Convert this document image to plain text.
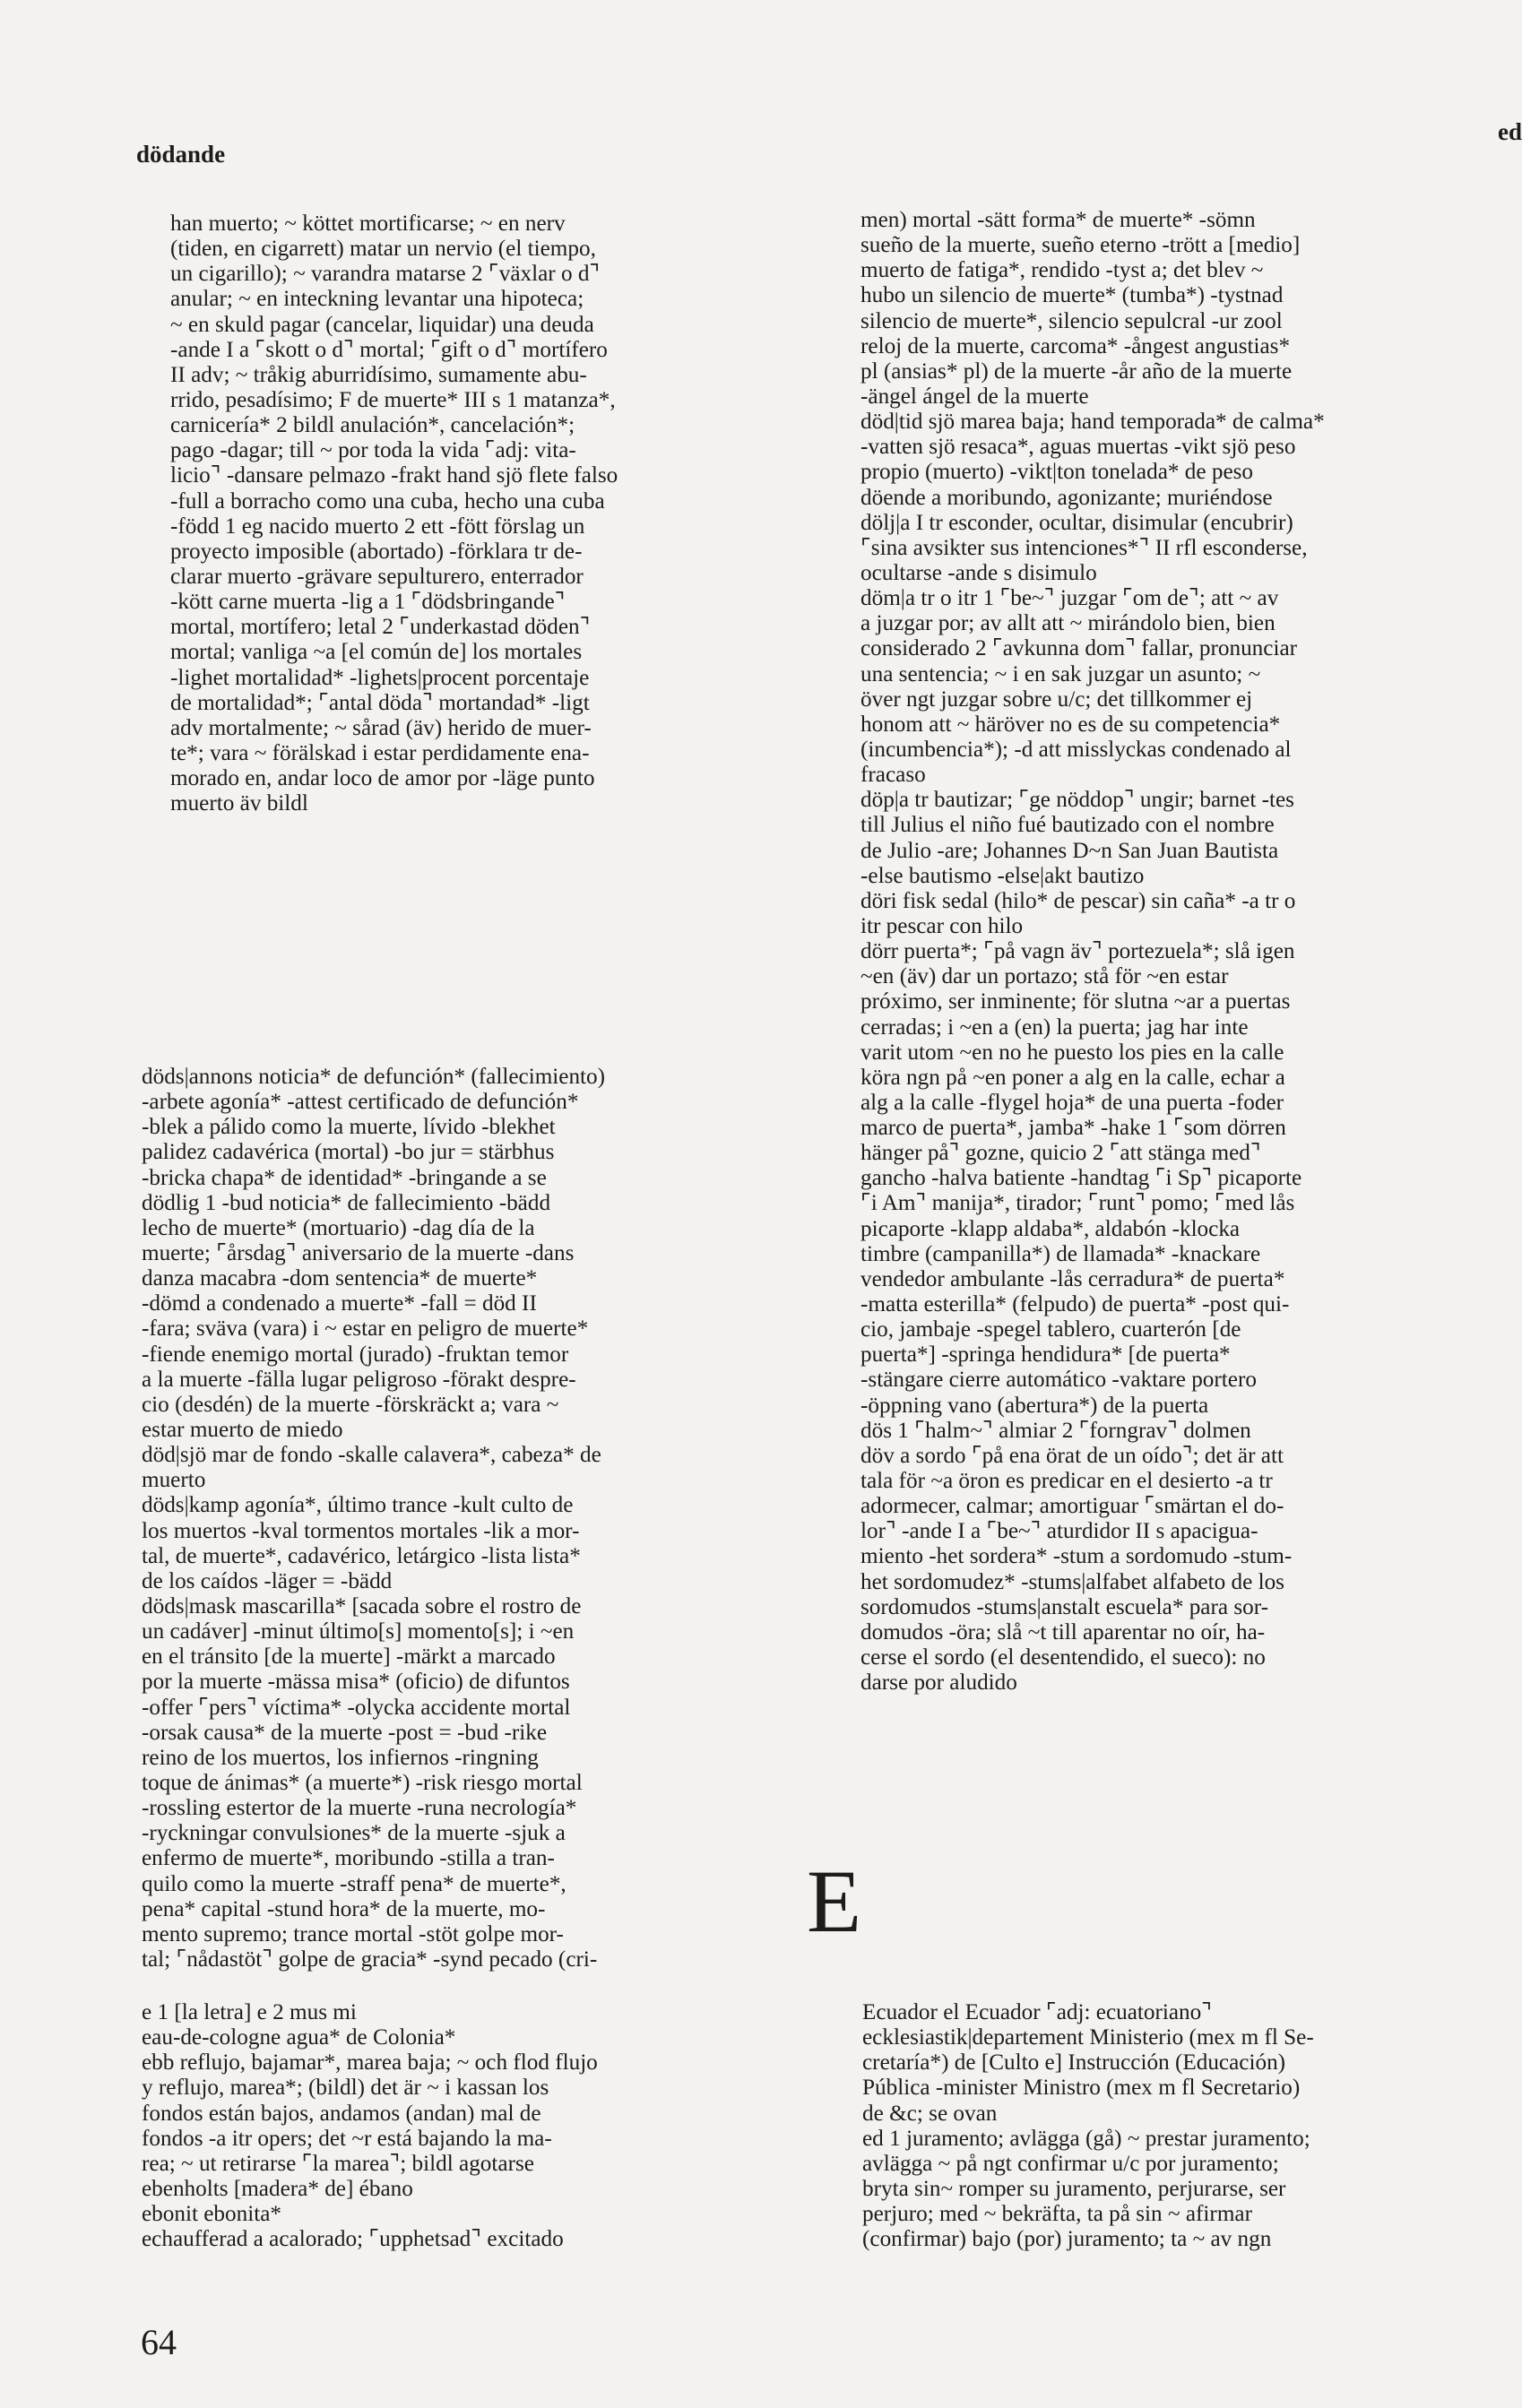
dödande
ed
han muerto; ~ köttet mortificarse; ~ en nerv
(tiden, en cigarrett) matar un nervio (el tiempo,
un cigarillo); ~ varandra matarse 2 ⌜växlar o d⌝
anular; ~ en inteckning levantar una hipoteca;
~ en skuld pagar (cancelar, liquidar) una deuda
-ande I a ⌜skott o d⌝ mortal; ⌜gift o d⌝ mortífero
II adv; ~ tråkig aburridísimo, sumamente abu-
rrido, pesadísimo; F de muerte* III s 1 matanza*,
carnicería* 2 bildl anulación*, cancelación*;
pago -dagar; till ~ por toda la vida ⌜adj: vita-
licio⌝ -dansare pelmazo -frakt hand sjö flete falso
-full a borracho como una cuba, hecho una cuba
-född 1 eg nacido muerto 2 ett -fött förslag un
proyecto imposible (abortado) -förklara tr de-
clarar muerto -grävare sepulturero, enterrador
-kött carne muerta -lig a 1 ⌜dödsbringande⌝
mortal, mortífero; letal 2 ⌜underkastad döden⌝
mortal; vanliga ~a [el común de] los mortales
-lighet mortalidad* -lighets|procent porcentaje
de mortalidad*; ⌜antal döda⌝ mortandad* -ligt
adv mortalmente; ~ sårad (äv) herido de muer-
te*; vara ~ förälskad i estar perdidamente ena-
morado en, andar loco de amor por -läge punto
muerto äv bildl
döds|annons noticia* de defunción* (fallecimiento)
-arbete agonía* -attest certificado de defunción*
-blek a pálido como la muerte, lívido -blekhet
palidez cadavérica (mortal) -bo jur = stärbhus
-bricka chapa* de identidad* -bringande a se
dödlig 1 -bud noticia* de fallecimiento -bädd
lecho de muerte* (mortuario) -dag día de la
muerte; ⌜årsdag⌝ aniversario de la muerte -dans
danza macabra -dom sentencia* de muerte*
-dömd a condenado a muerte* -fall = död II
-fara; sväva (vara) i ~ estar en peligro de muerte*
-fiende enemigo mortal (jurado) -fruktan temor
a la muerte -fälla lugar peligroso -förakt despre-
cio (desdén) de la muerte -förskräckt a; vara ~
estar muerto de miedo
död|sjö mar de fondo -skalle calavera*, cabeza* de
muerto
döds|kamp agonía*, último trance -kult culto de
los muertos -kval tormentos mortales -lik a mor-
tal, de muerte*, cadavérico, letárgico -lista lista*
de los caídos -läger = -bädd
döds|mask mascarilla* [sacada sobre el rostro de
un cadáver] -minut último[s] momento[s]; i ~en
en el tránsito [de la muerte] -märkt a marcado
por la muerte -mässa misa* (oficio) de difuntos
-offer ⌜pers⌝ víctima* -olycka accidente mortal
-orsak causa* de la muerte -post = -bud -rike
reino de los muertos, los infiernos -ringning
toque de ánimas* (a muerte*) -risk riesgo mortal
-rossling estertor de la muerte -runa necrología*
-ryckningar convulsiones* de la muerte -sjuk a
enfermo de muerte*, moribundo -stilla a tran-
quilo como la muerte -straff pena* de muerte*,
pena* capital -stund hora* de la muerte, mo-
mento supremo; trance mortal -stöt golpe mor-
tal; ⌜nådastöt⌝ golpe de gracia* -synd pecado (cri-
men) mortal -sätt forma* de muerte* -sömn
sueño de la muerte, sueño eterno -trött a [medio]
muerto de fatiga*, rendido -tyst a; det blev ~
hubo un silencio de muerte* (tumba*) -tystnad
silencio de muerte*, silencio sepulcral -ur zool
reloj de la muerte, carcoma* -ångest angustias*
pl (ansias* pl) de la muerte -år año de la muerte
-ängel ángel de la muerte
död|tid sjö marea baja; hand temporada* de calma*
-vatten sjö resaca*, aguas muertas -vikt sjö peso
propio (muerto) -vikt|ton tonelada* de peso
döende a moribundo, agonizante; muriéndose
dölj|a I tr esconder, ocultar, disimular (encubrir)
⌜sina avsikter sus intenciones*⌝ II rfl esconderse,
ocultarse -ande s disimulo
döm|a tr o itr 1 ⌜be~⌝ juzgar ⌜om de⌝; att ~ av
a juzgar por; av allt att ~ mirándolo bien, bien
considerado 2 ⌜avkunna dom⌝ fallar, pronunciar
una sentencia; ~ i en sak juzgar un asunto; ~
över ngt juzgar sobre u/c; det tillkommer ej
honom att ~ häröver no es de su competencia*
(incumbencia*); -d att misslyckas condenado al
fracaso
döp|a tr bautizar; ⌜ge nöddop⌝ ungir; barnet -tes
till Julius el niño fué bautizado con el nombre
de Julio -are; Johannes D~n San Juan Bautista
-else bautismo -else|akt bautizo
döri fisk sedal (hilo* de pescar) sin caña* -a tr o
itr pescar con hilo
dörr puerta*; ⌜på vagn äv⌝ portezuela*; slå igen
~en (äv) dar un portazo; stå för ~en estar
próximo, ser inminente; för slutna ~ar a puertas
cerradas; i ~en a (en) la puerta; jag har inte
varit utom ~en no he puesto los pies en la calle
köra ngn på ~en poner a alg en la calle, echar a
alg a la calle -flygel hoja* de una puerta -foder
marco de puerta*, jamba* -hake 1 ⌜som dörren
hänger på⌝ gozne, quicio 2 ⌜att stänga med⌝
gancho -halva batiente -handtag ⌜i Sp⌝ picaporte
⌜i Am⌝ manija*, tirador; ⌜runt⌝ pomo; ⌜med lås
picaporte -klapp aldaba*, aldabón -klocka
timbre (campanilla*) de llamada* -knackare
vendedor ambulante -lås cerradura* de puerta*
-matta esterilla* (felpudo) de puerta* -post qui-
cio, jambaje -spegel tablero, cuarterón [de
puerta*] -springa hendidura* [de puerta*
-stängare cierre automático -vaktare portero
-öppning vano (abertura*) de la puerta
dös 1 ⌜halm~⌝ almiar 2 ⌜forngrav⌝ dolmen
döv a sordo ⌜på ena örat de un oído⌝; det är att
tala för ~a öron es predicar en el desierto -a tr
adormecer, calmar; amortiguar ⌜smärtan el do-
lor⌝ -ande I a ⌜be~⌝ aturdidor II s apacigua-
miento -het sordera* -stum a sordomudo -stum-
het sordomudez* -stums|alfabet alfabeto de los
sordomudos -stums|anstalt escuela* para sor-
domudos -öra; slå ~t till aparentar no oír, ha-
cerse el sordo (el desentendido, el sueco): no
darse por aludido
E
e 1 [la letra] e 2 mus mi
eau-de-cologne agua* de Colonia*
ebb reflujo, bajamar*, marea baja; ~ och flod flujo
y reflujo, marea*; (bildl) det är ~ i kassan los
fondos están bajos, andamos (andan) mal de
fondos -a itr opers; det ~r está bajando la ma-
rea; ~ ut retirarse ⌜la marea⌝; bildl agotarse
ebenholts [madera* de] ébano
ebonit ebonita*
echaufferad a acalorado; ⌜upphetsad⌝ excitado
Ecuador el Ecuador ⌜adj: ecuatoriano⌝
ecklesiastik|departement Ministerio (mex m fl Se-
cretaría*) de [Culto e] Instrucción (Educación)
Pública -minister Ministro (mex m fl Secretario)
de &c; se ovan
ed 1 juramento; avlägga (gå) ~ prestar juramento;
avlägga ~ på ngt confirmar u/c por juramento;
bryta sin~ romper su juramento, perjurarse, ser
perjuro; med ~ bekräfta, ta på sin ~ afirmar
(confirmar) bajo (por) juramento; ta ~ av ngn
64
